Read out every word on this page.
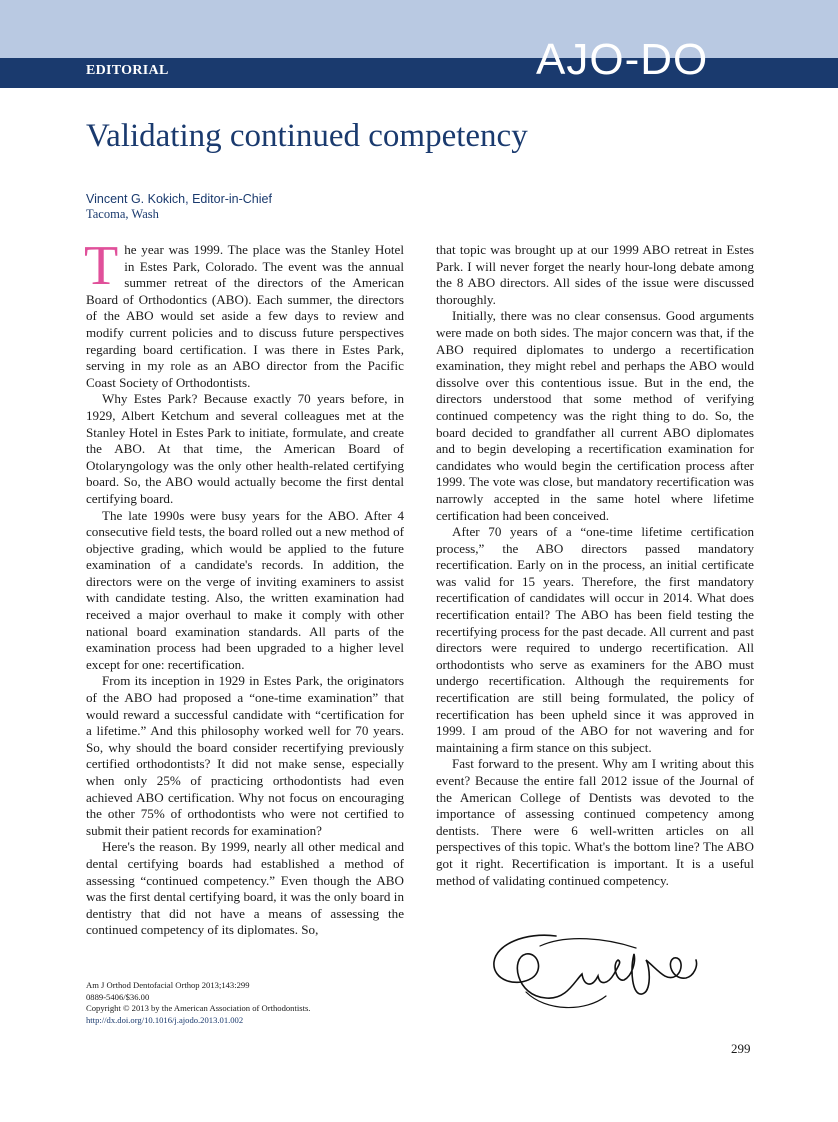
EDITORIAL	AJO-DO
Validating continued competency
Vincent G. Kokich, Editor-in-Chief
Tacoma, Wash

The year was 1999. The place was the Stanley Hotel in Estes Park, Colorado. The event was the annual summer retreat of the directors of the American Board of Orthodontics (ABO). Each summer, the directors of the ABO would set aside a few days to review and modify current policies and to discuss future perspectives regarding board certification. I was there in Estes Park, serving in my role as an ABO director from the Pacific Coast Society of Orthodontists.

Why Estes Park? Because exactly 70 years before, in 1929, Albert Ketchum and several colleagues met at the Stanley Hotel in Estes Park to initiate, formulate, and create the ABO. At that time, the American Board of Otolaryngology was the only other health-related certifying board. So, the ABO would actually become the first dental certifying board.

The late 1990s were busy years for the ABO. After 4 consecutive field tests, the board rolled out a new method of objective grading, which would be applied to the future examination of a candidate's records. In addition, the directors were on the verge of inviting examiners to assist with candidate testing. Also, the written examination had received a major overhaul to make it comply with other national board examination standards. All parts of the examination process had been upgraded to a higher level except for one: recertification.

From its inception in 1929 in Estes Park, the originators of the ABO had proposed a “one-time examination” that would reward a successful candidate with “certification for a lifetime.” And this philosophy worked well for 70 years. So, why should the board consider recertifying previously certified orthodontists? It did not make sense, especially when only 25% of practicing orthodontists had even achieved ABO certification. Why not focus on encouraging the other 75% of orthodontists who were not certified to submit their patient records for examination?

Here's the reason. By 1999, nearly all other medical and dental certifying boards had established a method of assessing “continued competency.” Even though the ABO was the first dental certifying board, it was the only board in dentistry that did not have a means of assessing the continued competency of its diplomates. So,

that topic was brought up at our 1999 ABO retreat in Estes Park. I will never forget the nearly hour-long debate among the 8 ABO directors. All sides of the issue were discussed thoroughly.

Initially, there was no clear consensus. Good arguments were made on both sides. The major concern was that, if the ABO required diplomates to undergo a recertification examination, they might rebel and perhaps the ABO would dissolve over this contentious issue. But in the end, the directors understood that some method of verifying continued competency was the right thing to do. So, the board decided to grandfather all current ABO diplomates and to begin developing a recertification examination for candidates who would begin the certification process after 1999. The vote was close, but mandatory recertification was narrowly accepted in the same hotel where lifetime certification had been conceived.

After 70 years of a “one-time lifetime certification process,” the ABO directors passed mandatory recertification. Early on in the process, an initial certificate was valid for 15 years. Therefore, the first mandatory recertification of candidates will occur in 2014. What does recertification entail? The ABO has been field testing the recertifying process for the past decade. All current and past directors were required to undergo recertification. All orthodontists who serve as examiners for the ABO must undergo recertification. Although the requirements for recertification are still being formulated, the policy of recertification has been upheld since it was approved in 1999. I am proud of the ABO for not wavering and for maintaining a firm stance on this subject.

Fast forward to the present. Why am I writing about this event? Because the entire fall 2012 issue of the Journal of the American College of Dentists was devoted to the importance of assessing continued competency among dentists. There were 6 well-written articles on all perspectives of this topic. What's the bottom line? The ABO got it right. Recertification is important. It is a useful method of validating continued competency.

Am J Orthod Dentofacial Orthop 2013;143:299
0889-5406/$36.00
Copyright © 2013 by the American Association of Orthodontists.
http://dx.doi.org/10.1016/j.ajodo.2013.01.002
299
